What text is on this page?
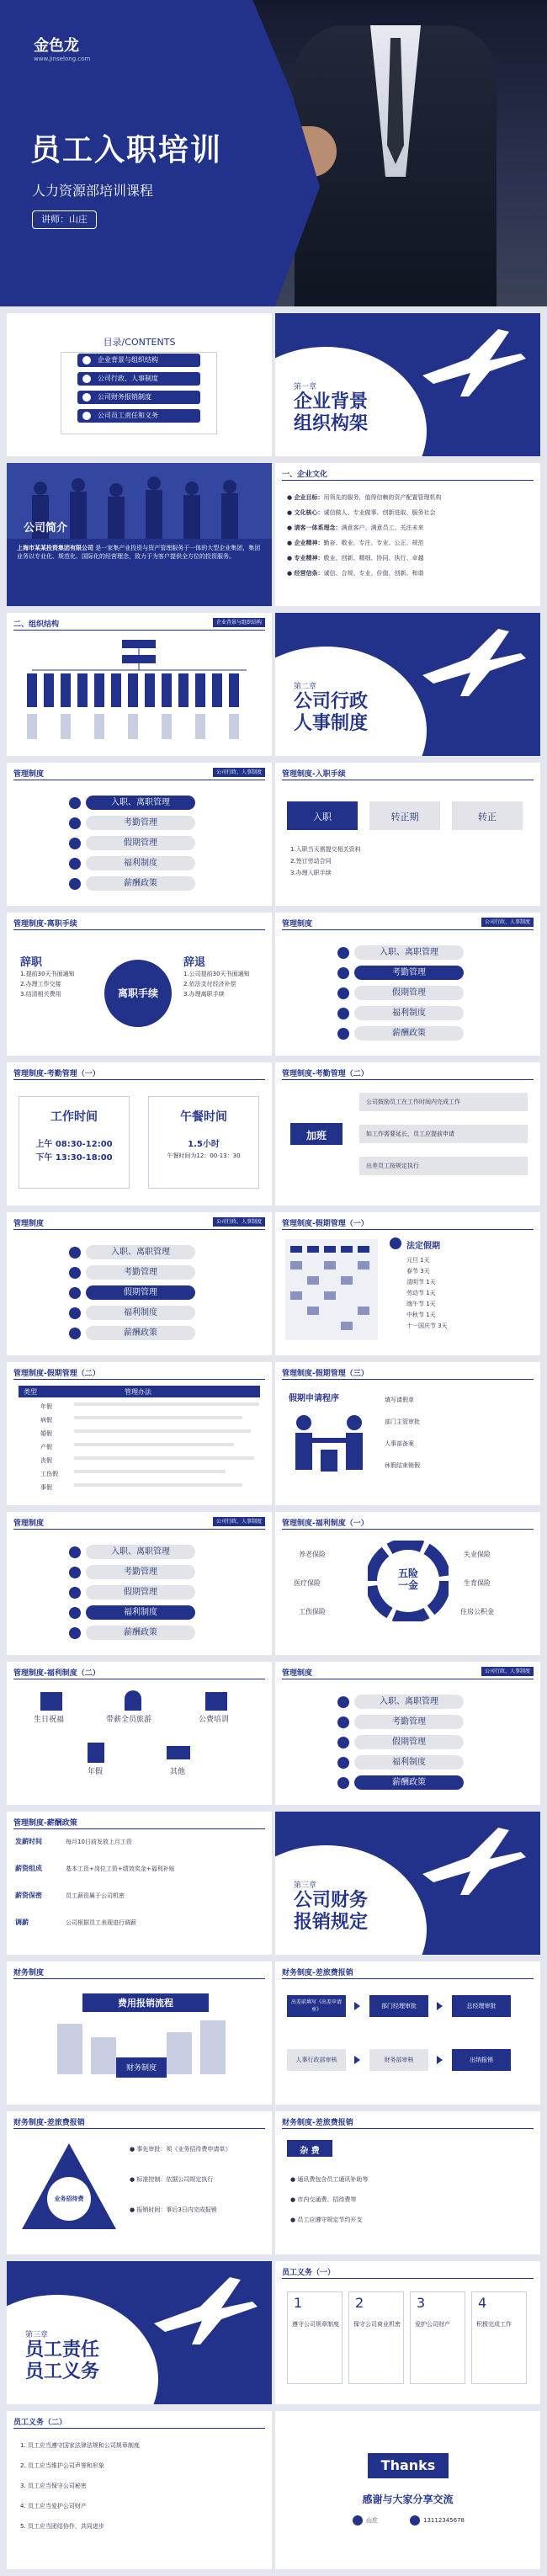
金色龙
www.jinselong.com
员工入职培训
人力资源部培训课程
讲师：山庄
目录/CONTENTS
企业背景与组织结构
公司行政、人事制度
公司财务报销制度
公司员工责任和义务
第一章
企业背景
组织构架
公司简介
上海市某某投资集团有限公司 是一家集产业投资与资产管理服务于一体的大型企业集团，集团业务以专业化、规范化、国际化的经营理念，致力于为客户提供全方位的投资服务。
一、企业文化
● 企业目标：用领先的服务，值得信赖的资产配置管理机构
● 文化核心：诚信做人、专业做事、创新进取、服务社会
● 请客一体系理念：满意客户、满意员工、关注未来
● 企业精神：勤奋、敬业、专注、专业、公正、规范
● 专业精神：敬业、创新、精细、协同、执行、卓越
● 经营信条：诚信、合规、专业、价值、创新、和谐
二、组织结构	企业背景与组织结构
第二章
公司行政
人事制度
管理制度	公司行政、人事制度
入职、离职管理
考勤管理
假期管理
福利制度
薪酬政策
管理制度-入职手续
入职	转正期	转正
1.入职当天需提交相关资料
2.签订劳动合同
3.办理入职手续
管理制度-离职手续
辞职
1.提前30天书面通知
2.办理工作交接
3.结清相关费用	离职手续
辞退
1.公司提前30天书面通知
2.依法支付经济补偿
3.办理离职手续
管理制度	公司行政、人事制度
入职、离职管理
考勤管理
假期管理
福利制度
薪酬政策
管理制度-考勤管理（一）
工作时间
上午 08:30-12:00
下午 13:30-18:00
午餐时间
1.5小时
午餐时间为12：00-13：30
管理制度-考勤管理（二）
加班
公司鼓励员工在工作时间内完成工作
如工作需要延长，员工应提前申请
出差员工按规定执行
管理制度	公司行政、人事制度
入职、离职管理
考勤管理
假期管理
福利制度
薪酬政策
管理制度-假期管理（一）
法定假期
元旦 1天
春节 3天
清明节 1天
劳动节 1天
端午节 1天
中秋节 1天
十一国庆节 3天
管理制度-假期管理（二）
类型	管理办法
年假
病假
婚假
产假
丧假
工伤假
事假
管理制度-假期管理（三）
假期申请程序	填写请假单
部门主管审批
人事部备案
休假结束销假
管理制度	公司行政、人事制度
入职、离职管理
考勤管理
假期管理
福利制度
薪酬政策
管理制度-福利制度（一）
五险
一金
养老保险	失业保险
医疗保险	生育保险
工伤保险	住房公积金
管理制度-福利制度（二）
生日祝福	带薪全员旅游	公费培训
年假	其他
管理制度	公司行政、人事制度
入职、离职管理
考勤管理
假期管理
福利制度
薪酬政策
管理制度-薪酬政策
发薪时间	每月10日前发放上月工资
薪资组成	基本工资+岗位工资+绩效奖金+福利补贴
薪资保密	员工薪资属于公司机密
调薪	公司根据员工表现进行调薪
第三章
公司财务
报销规定
财务制度
费用报销流程
财务制度
财务制度-差旅费报销
出差前填写《出差申请单》
部门经理审批	总经理审批
人事行政部审核	财务部审核	出纳报销
财务制度-差旅费报销
业务招待费
● 事先审批：须《业务招待费申请单》
● 标准控制：依据公司规定执行
● 报销时间：事后3日内完成报销
财务制度-差旅费报销
杂 费
● 通讯费包含员工通讯补助等
● 市内交通费、招待费等
● 员工应遵守规定节约开支
第三章
员工责任
员工义务
员工义务（一）
1
遵守公司规章制度
2
保守公司商业机密
3
爱护公司财产
4
积极完成工作
员工义务（二）
1. 员工应当遵守国家法律法规和公司规章制度
2. 员工应当维护公司声誉和形象
3. 员工应当保守公司秘密
4. 员工应当爱护公司财产
5. 员工应当团结协作，共同进步
Thanks
感谢与大家分享交流
山庄	13112345678
